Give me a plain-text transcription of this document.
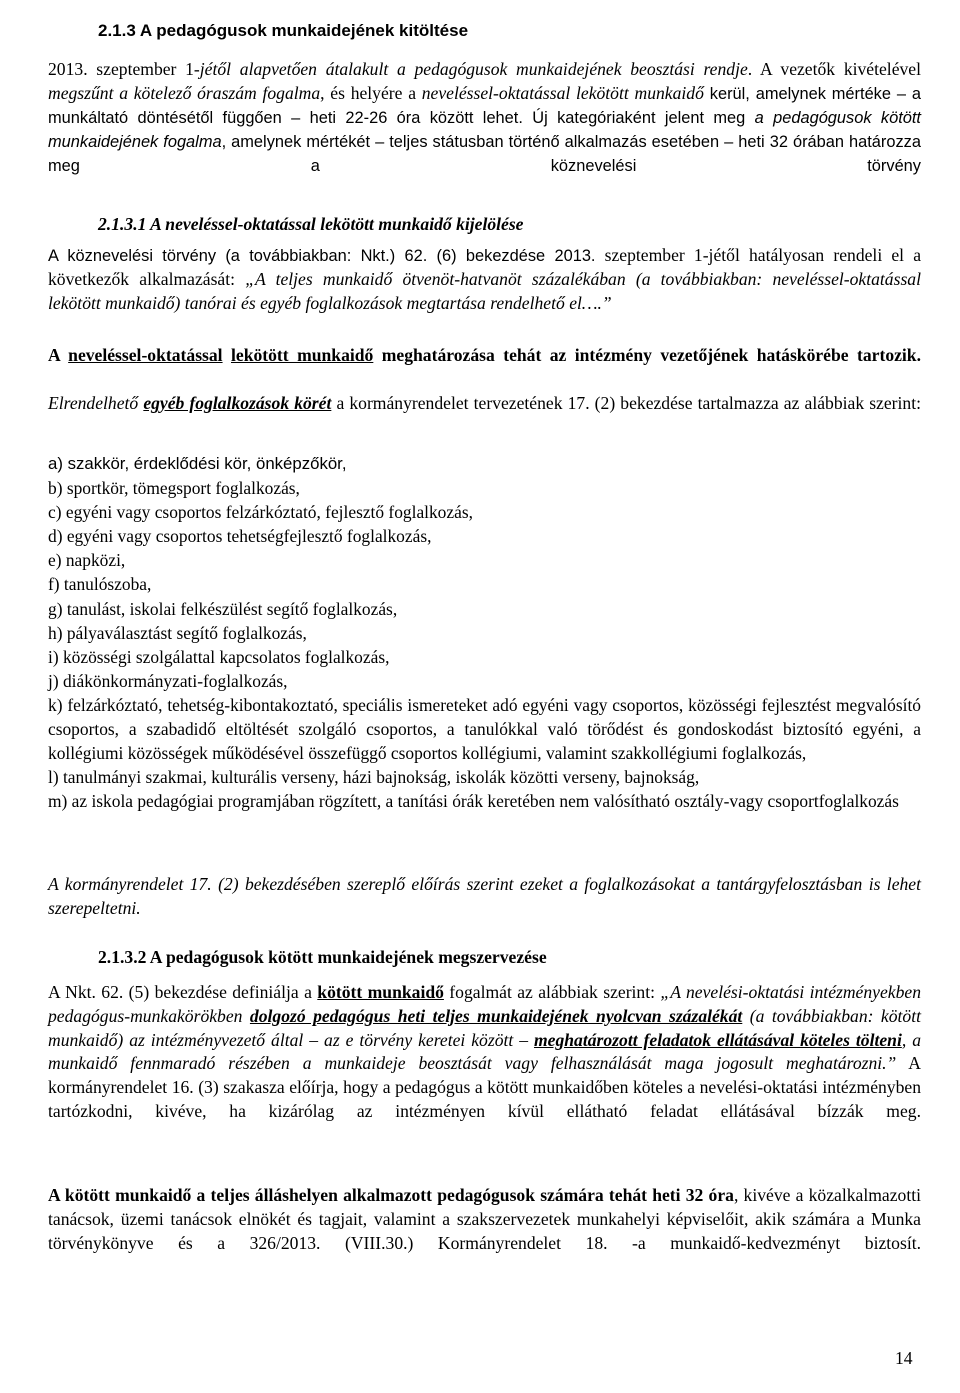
2.1.3 A pedagógusok munkaidejének kitöltése

2013. szeptember 1-jétől alapvetően átalakult a pedagógusok munkaidejének beosztási rendje. A vezetők kivételével megszűnt a kötelező óraszám fogalma, és helyére a neveléssel-oktatással lekötött munkaidő kerül, amelynek mértéke – a munkáltató döntésétől függően – heti 22-26 óra között lehet. Új kategóriaként jelent meg a pedagógusok kötött munkaidejének fogalma, amelynek mértékét – teljes státusban történő alkalmazás esetében – heti 32 órában határozza meg a köznevelési törvény

2.1.3.1 A neveléssel-oktatással lekötött munkaidő kijelölése

A köznevelési törvény (a továbbiakban: Nkt.) 62. (6) bekezdése 2013. szeptember 1-jétől hatályosan rendeli el a következők alkalmazását: „A teljes munkaidő ötvenöt-hatvanöt százalékában (a továbbiakban: neveléssel-oktatással lekötött munkaidő) tanórai és egyéb foglalkozások megtartása rendelhető el….”

A neveléssel-oktatással lekötött munkaidő meghatározása tehát az intézmény vezetőjének hatáskörébe tartozik.

Elrendelhető egyéb foglalkozások körét a kormányrendelet tervezetének 17. (2) bekezdése tartalmazza az alábbiak szerint:

a) szakkör, érdeklődési kör, önképzőkör,
b) sportkör, tömegsport foglalkozás,
c) egyéni vagy csoportos felzárkóztató, fejlesztő foglalkozás,
d) egyéni vagy csoportos tehetségfejlesztő foglalkozás,
e) napközi,
f) tanulószoba,
g) tanulást, iskolai felkészülést segítő foglalkozás,
h) pályaválasztást segítő foglalkozás,
i) közösségi szolgálattal kapcsolatos foglalkozás,
j) diákönkormányzati-foglalkozás,
k) felzárkóztató, tehetség-kibontakoztató, speciális ismereteket adó egyéni vagy csoportos, közösségi fejlesztést megvalósító csoportos, a szabadidő eltöltését szolgáló csoportos, a tanulókkal való törődést és gondoskodást biztosító egyéni, a kollégiumi közösségek működésével összefüggő csoportos kollégiumi, valamint szakkollégiumi foglalkozás,
l) tanulmányi szakmai, kulturális verseny, házi bajnokság, iskolák közötti verseny, bajnokság,
m) az iskola pedagógiai programjában rögzített, a tanítási órák keretében nem valósítható osztály-vagy csoportfoglalkozás

A kormányrendelet 17. (2) bekezdésében szereplő előírás szerint ezeket a foglalkozásokat a tantárgyfelosztásban is lehet szerepeltetni.

2.1.3.2 A pedagógusok kötött munkaidejének megszervezése

A Nkt. 62. (5) bekezdése definiálja a kötött munkaidő fogalmát az alábbiak szerint: „A nevelési-oktatási intézményekben pedagógus-munkakörökben dolgozó pedagógus heti teljes munkaidejének nyolcvan százalékát (a továbbiakban: kötött munkaidő) az intézményvezető által – az e törvény keretei között – meghatározott feladatok ellátásával köteles tölteni, a munkaidő fennmaradó részében a munkaideje beosztását vagy felhasználását maga jogosult meghatározni.” A kormányrendelet 16. (3) szakasza előírja, hogy a pedagógus a kötött munkaidőben köteles a nevelési-oktatási intézményben tartózkodni, kivéve, ha kizárólag az intézményen kívül ellátható feladat ellátásával bízzák meg.

A kötött munkaidő a teljes álláshelyen alkalmazott pedagógusok számára tehát heti 32 óra, kivéve a közalkalmazotti tanácsok, üzemi tanácsok elnökét és tagjait, valamint a szakszervezetek munkahelyi képviselőit, akik számára a Munka törvénykönyve és a 326/2013. (VIII.30.) Kormányrendelet 18. -a munkaidő-kedvezményt biztosít.

14
